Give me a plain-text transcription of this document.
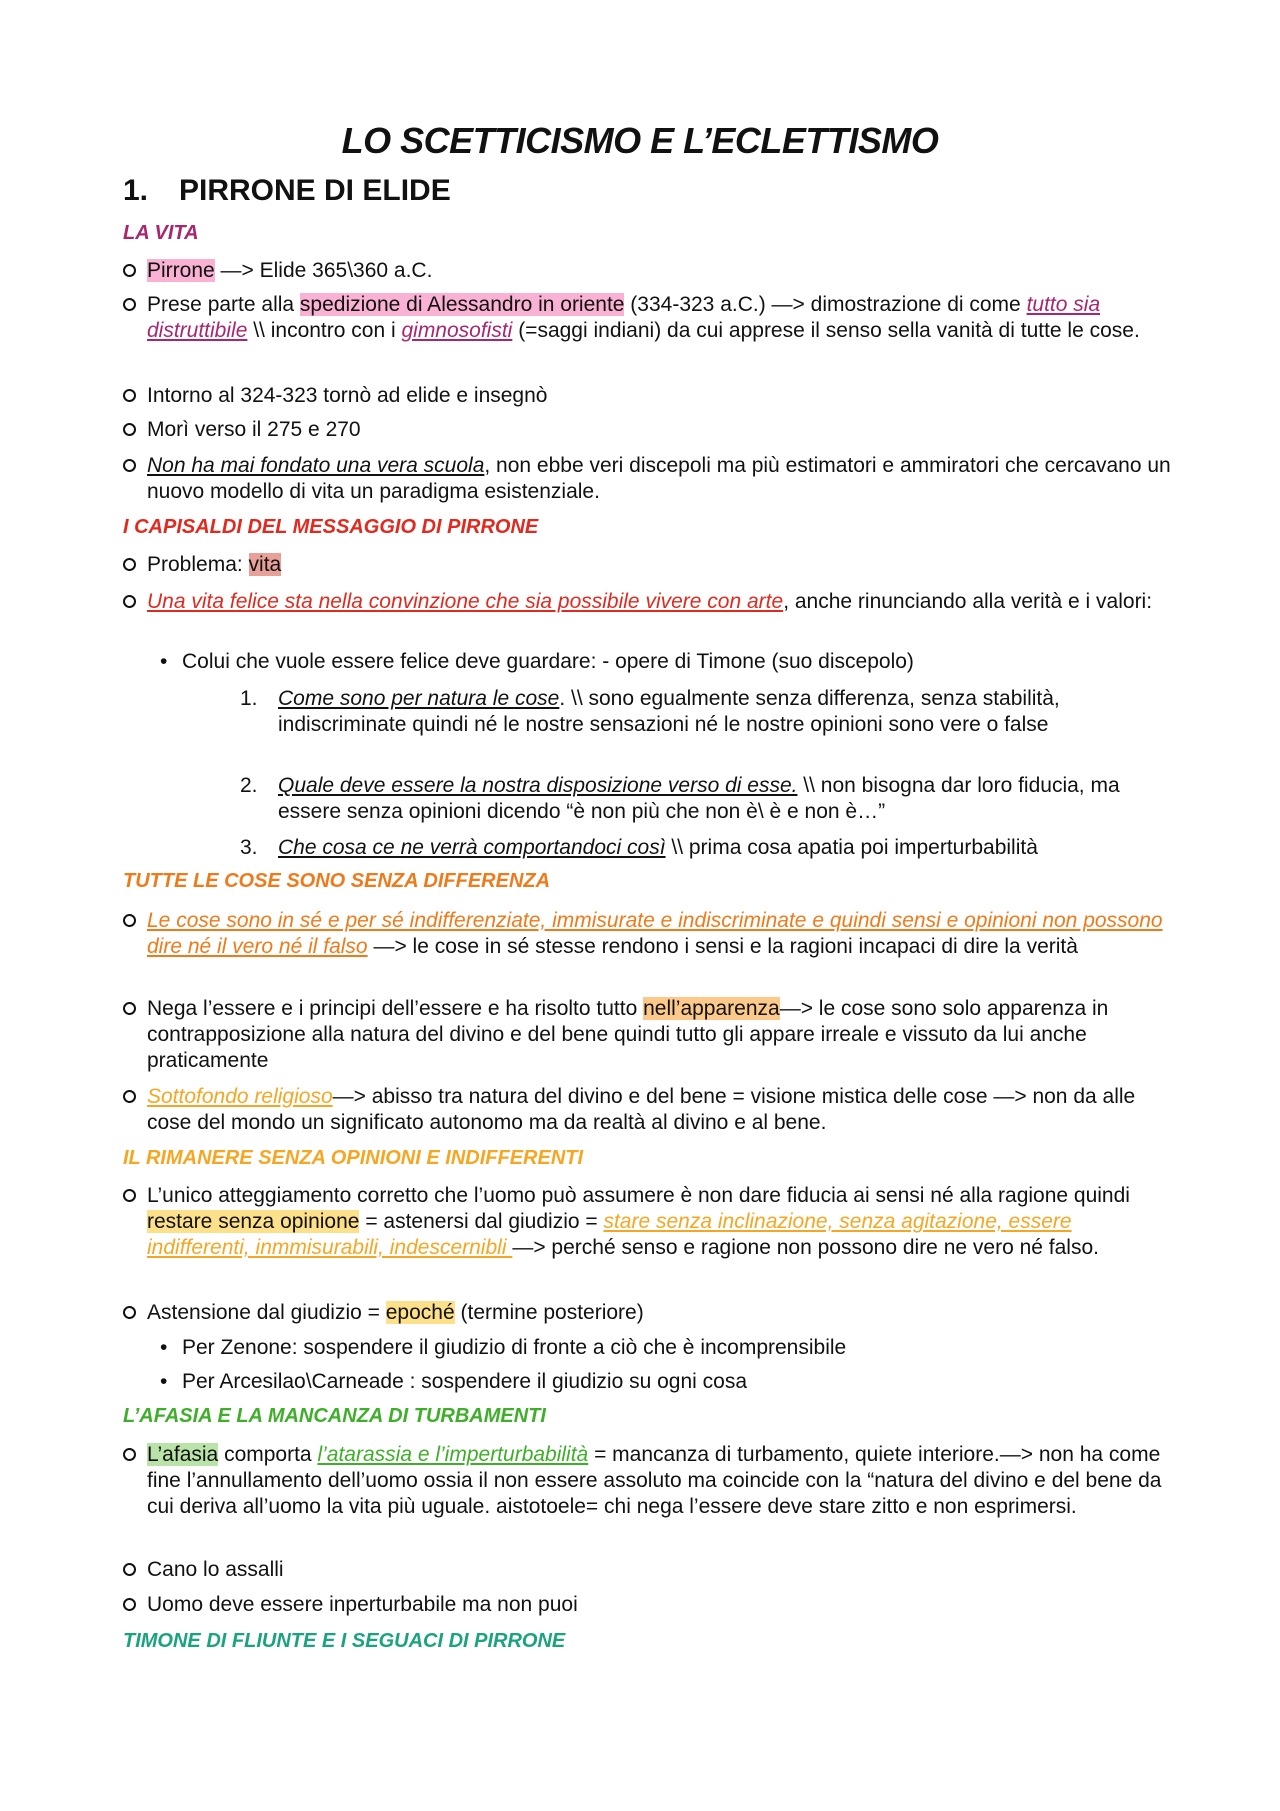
LO SCETTICISMO E L’ECLETTISMO
1. PIRRONE DI ELIDE
LA VITA
Pirrone —> Elide 365\360 a.C.
Prese parte alla spedizione di Alessandro in oriente (334-323 a.C.) —> dimostrazione di come tutto sia distruttibile \\ incontro con i gimnosofisti (=saggi indiani) da cui apprese il senso sella vanità di tutte le cose.
Intorno al 324-323 tornò ad elide e insegnò
Morì verso il 275 e 270
Non ha mai fondato una vera scuola, non ebbe veri discepoli ma più estimatori e ammiratori che cercavano un nuovo modello di vita un paradigma esistenziale.
I CAPISALDI DEL MESSAGGIO DI PIRRONE
Problema: vita
Una vita felice sta nella convinzione che sia possibile vivere con arte, anche rinunciando alla verità e i valori:
• Colui che vuole essere felice deve guardare: - opere di Timone (suo discepolo)
1. Come sono per natura le cose. \\ sono egualmente senza differenza, senza stabilità, indiscriminate quindi né le nostre sensazioni né le nostre opinioni sono vere o false
2. Quale deve essere la nostra disposizione verso di esse. \\ non bisogna dar loro fiducia, ma essere senza opinioni dicendo “è non più che non è\ è e non è…”
3. Che cosa ce ne verrà comportandoci così \\ prima cosa apatia poi imperturbabilità
TUTTE LE COSE SONO SENZA DIFFERENZA
Le cose sono in sé e per sé indifferenziate, immisurate e indiscriminate e quindi sensi e opinioni non possono dire né il vero né il falso —> le cose in sé stesse rendono i sensi e la ragioni incapaci di dire la verità
Nega l’essere e i principi dell’essere e ha risolto tutto nell’apparenza—> le cose sono solo apparenza in contrapposizione alla natura del divino e del bene quindi tutto gli appare irreale e vissuto da lui anche praticamente
Sottofondo religioso—> abisso tra natura del divino e del bene = visione mistica delle cose —> non da alle cose del mondo un significato autonomo ma da realtà al divino e al bene.
IL RIMANERE SENZA OPINIONI E INDIFFERENTI
L’unico atteggiamento corretto che l’uomo può assumere è non dare fiducia ai sensi né alla ragione quindi restare senza opinione = astenersi dal giudizio = stare senza inclinazione, senza agitazione, essere indifferenti, inmmisurabili, indescernibli —> perché senso e ragione non possono dire ne vero né falso.
Astensione dal giudizio = epoché (termine posteriore)
• Per Zenone: sospendere il giudizio di fronte a ciò che è incomprensibile
• Per Arcesilao\Carneade : sospendere il giudizio su ogni cosa
L’AFASIA E LA MANCANZA DI TURBAMENTI
L’afasia comporta l’atarassia e l’imperturbabilità = mancanza di turbamento, quiete interiore.—> non ha come fine l’annullamento dell’uomo ossia il non essere assoluto ma coincide con la “natura del divino e del bene da cui deriva all’uomo la vita più uguale. aistotoele= chi nega l’essere deve stare zitto e non esprimersi.
Cano lo assalli
Uomo deve essere inperturbabile ma non puoi
TIMONE DI FLIUNTE E I SEGUACI DI PIRRONE
